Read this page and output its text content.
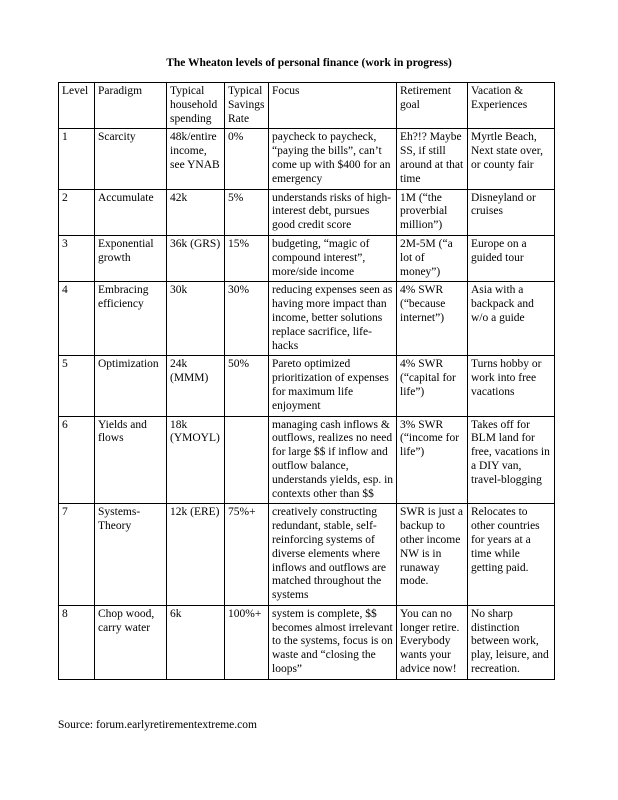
The Wheaton levels of personal finance (work in progress)
Level	Paradigm	Typical household spending	Typical Savings Rate	Focus	Retirement goal	Vacation & Experiences
1	Scarcity	48k/entire income, see YNAB	0%	paycheck to paycheck, “paying the bills”, can’t come up with $400 for an emergency	Eh?!? Maybe SS, if still around at that time	Myrtle Beach, Next state over, or county fair
2	Accumulate	42k	5%	understands risks of high-interest debt, pursues good credit score	1M (“the proverbial million”)	Disneyland or cruises
3	Exponential growth	36k (GRS)	15%	budgeting, “magic of compound interest”, more/side income	2M-5M (“a lot of money”)	Europe on a guided tour
4	Embracing efficiency	30k	30%	reducing expenses seen as having more impact than income, better solutions replace sacrifice, life-hacks	4% SWR (“because internet”)	Asia with a backpack and w/o a guide
5	Optimization	24k (MMM)	50%	Pareto optimized prioritization of expenses for maximum life enjoyment	4% SWR (“capital for life”)	Turns hobby or work into free vacations
6	Yields and flows	18k (YMOYL)		managing cash inflows & outflows, realizes no need for large $$ if inflow and outflow balance, understands yields, esp. in contexts other than $$	3% SWR (“income for life”)	Takes off for BLM land for free, vacations in a DIY van, travel-blogging
7	Systems-Theory	12k (ERE)	75%+	creatively constructing redundant, stable, self-reinforcing systems of diverse elements where inflows and outflows are matched throughout the systems	SWR is just a backup to other income NW is in runaway mode.	Relocates to other countries for years at a time while getting paid.
8	Chop wood, carry water	6k	100%+	system is complete, $$ becomes almost irrelevant to the systems, focus is on waste and “closing the loops”	You can no longer retire. Everybody wants your advice now!	No sharp distinction between work, play, leisure, and recreation.
Source: forum.earlyretirementextreme.com
